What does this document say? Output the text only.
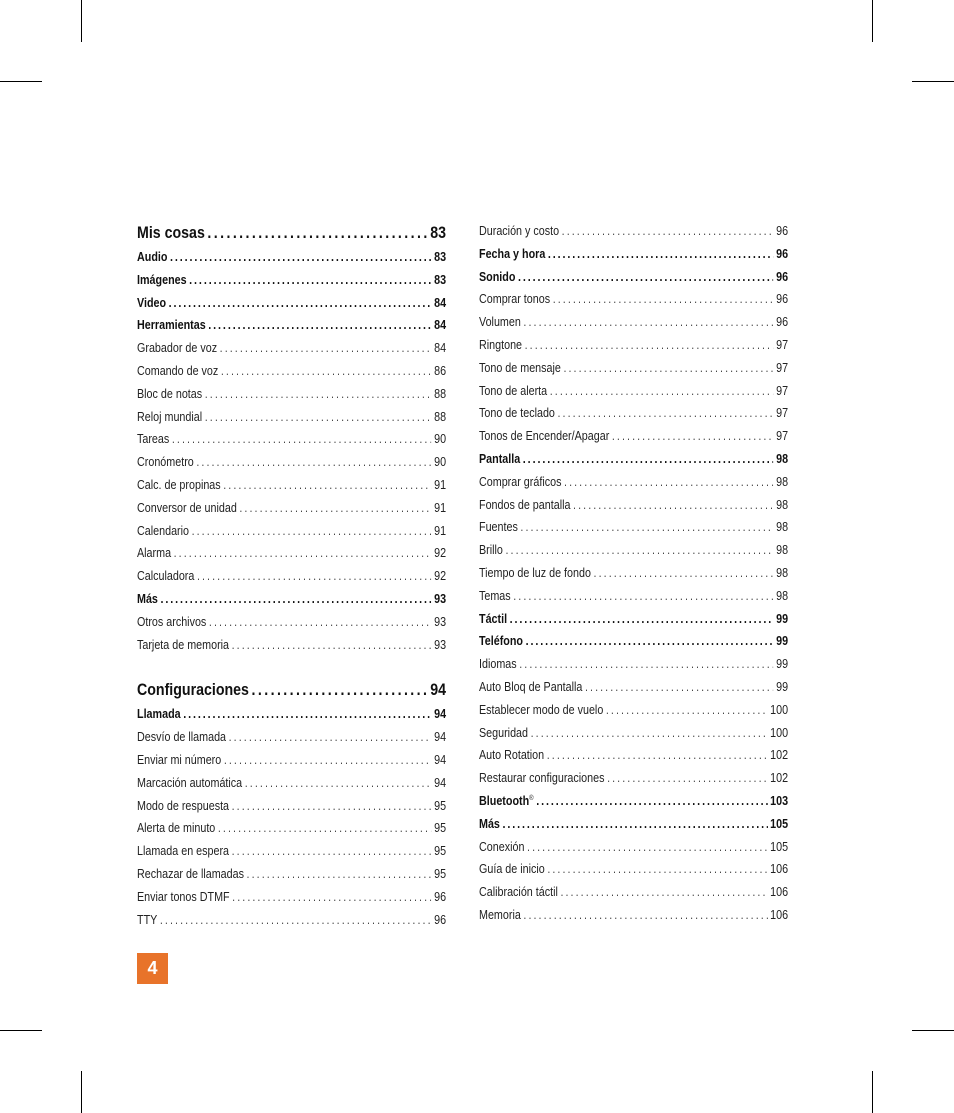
Mis cosas .....	83
Audio .....	83
Imágenes .....	83
Video .....	84
Herramientas .....	84
Grabador de voz .....	84
Comando de voz .....	86
Bloc de notas .....	88
Reloj mundial .....	88
Tareas .....	90
Cronómetro .....	90
Calc. de propinas .....	91
Conversor de unidad .....	91
Calendario .....	91
Alarma .....	92
Calculadora .....	92
Más .....	93
Otros archivos .....	93
Tarjeta de memoria .....	93
Configuraciones .....	94
Llamada .....	94
Desvío de llamada .....	94
Enviar mi número .....	94
Marcación automática .....	94
Modo de respuesta .....	95
Alerta de minuto .....	95
Llamada en espera .....	95
Rechazar de llamadas .....	95
Enviar tonos DTMF .....	96
TTY .....	96
Duración y costo .....	96
Fecha y hora .....	96
Sonido .....	96
Comprar tonos .....	96
Volumen .....	96
Ringtone .....	97
Tono de mensaje .....	97
Tono de alerta .....	97
Tono de teclado .....	97
Tonos de Encender/Apagar .....	97
Pantalla .....	98
Comprar gráficos .....	98
Fondos de pantalla .....	98
Fuentes .....	98
Brillo .....	98
Tiempo de luz de fondo .....	98
Temas .....	98
Táctil .....	99
Teléfono .....	99
Idiomas .....	99
Auto Bloq de Pantalla .....	99
Establecer modo de vuelo .....	100
Seguridad .....	100
Auto Rotation .....	102
Restaurar configuraciones .....	102
Bluetooth® .....	103
Más .....	105
Conexión .....	105
Guía de inicio .....	106
Calibración táctil .....	106
Memoria .....	106
4
